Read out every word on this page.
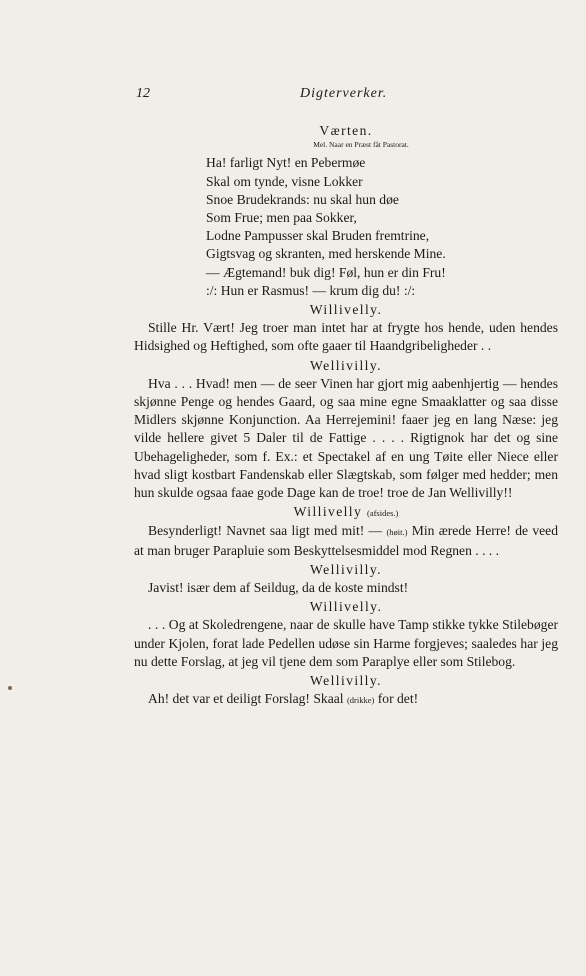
12	Digterverker.
Værten.
Mel. Naar en Præst fåt Pastorat.
Ha! farligt Nyt! en Pebermøe
Skal om tynde, visne Lokker
Snoe Brudekrands: nu skal hun døe
Som Frue; men paa Sokker,
Lodne Pampusser skal Bruden fremtrine,
Gigtsvag og skranten, med herskende Mine.
— Ægtemand! buk dig! Føl, hun er din Fru!
:/: Hun er Rasmus! — krum dig du! :/:
Willivelly.
Stille Hr. Vært! Jeg troer man intet har at frygte hos hende, uden hendes Hidsighed og Heftighed, som ofte gaaer til Haandgribeligheder . .
Wellivilly.
Hva . . . Hvad! men — de seer Vinen har gjort mig aabenhjertig — hendes skjønne Penge og hendes Gaard, og saa mine egne Smaaklatter og saa disse Midlers skjønne Konjunction. Aa Herrejemini! faaer jeg en lang Næse: jeg vilde hellere givet 5 Daler til de Fattige . . . . Rigtignok har det og sine Ubehageligheder, som f. Ex.: et Spectakel af en ung Tøite eller Niece eller hvad sligt kostbart Fandenskab eller Slægtskab, som følger med hedder; men hun skulde ogsaa faae gode Dage kan de troe! troe de Jan Wellivilly!!
Willivelly (afsides.)
Besynderligt! Navnet saa ligt med mit! — (høit.) Min ærede Herre! de veed at man bruger Parapluie som Beskyttelsesmiddel mod Regnen . . . .
Wellivilly.
Javist! især dem af Seildug, da de koste mindst!
Willivelly.
. . . Og at Skoledrengene, naar de skulle have Tamp stikke tykke Stilebøger under Kjolen, forat lade Pedellen udøse sin Harme forgjeves; saaledes har jeg nu dette Forslag, at jeg vil tjene dem som Paraplye eller som Stilebog.
Wellivilly.
Ah! det var et deiligt Forslag! Skaal (drikke) for det!
